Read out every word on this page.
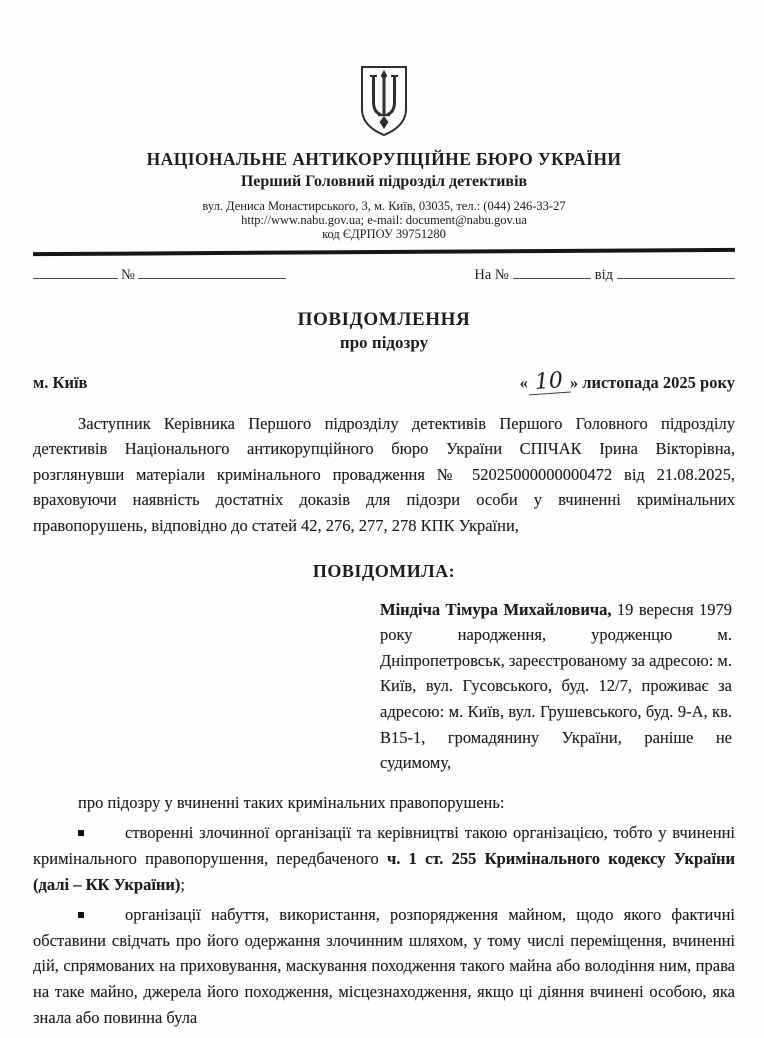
НАЦІОНАЛЬНЕ АНТИКОРУПЦІЙНЕ БЮРО УКРАЇНИ
Перший Головний підрозділ детективів
вул. Дениса Монастирського, 3, м. Київ, 03035, тел.: (044) 246-33-27
http://www.nabu.gov.ua; e-mail: document@nabu.gov.ua
код ЄДРПОУ 39751280
№	На №	від
ПОВІДОМЛЕННЯ
про підозру
м. Київ	« 10 » листопада 2025 року

Заступник Керівника Першого підрозділу детективів Першого Головного підрозділу детективів Національного антикорупційного бюро України СПІЧАК Ірина Вікторівна, розглянувши матеріали кримінального провадження № 52025000000000472 від 21.08.2025, враховуючи наявність достатніх доказів для підозри особи у вчиненні кримінальних правопорушень, відповідно до статей 42, 276, 277, 278 КПК України,

ПОВІДОМИЛА:

Міндіча Тімура Михайловича, 19 вересня 1979 року народження, уродженцю м. Дніпропетровськ, зареєстрованому за адресою: м. Київ, вул. Гусовського, буд. 12/7, проживає за адресою: м. Київ, вул. Грушевського, буд. 9-А, кв. В15-1, громадянину України, раніше не судимому,

про підозру у вчиненні таких кримінальних правопорушень:

створенні злочинної організації та керівництві такою організацією, тобто у вчиненні кримінального правопорушення, передбаченого ч. 1 ст. 255 Кримінального кодексу України (далі – КК України);

організації набуття, використання, розпорядження майном, щодо якого фактичні обставини свідчать про його одержання злочинним шляхом, у тому числі переміщення, вчиненні дій, спрямованих на приховування, маскування походження такого майна або володіння ним, права на таке майно, джерела його походження, місцезнаходження, якщо ці діяння вчинені особою, яка знала або повинна була
